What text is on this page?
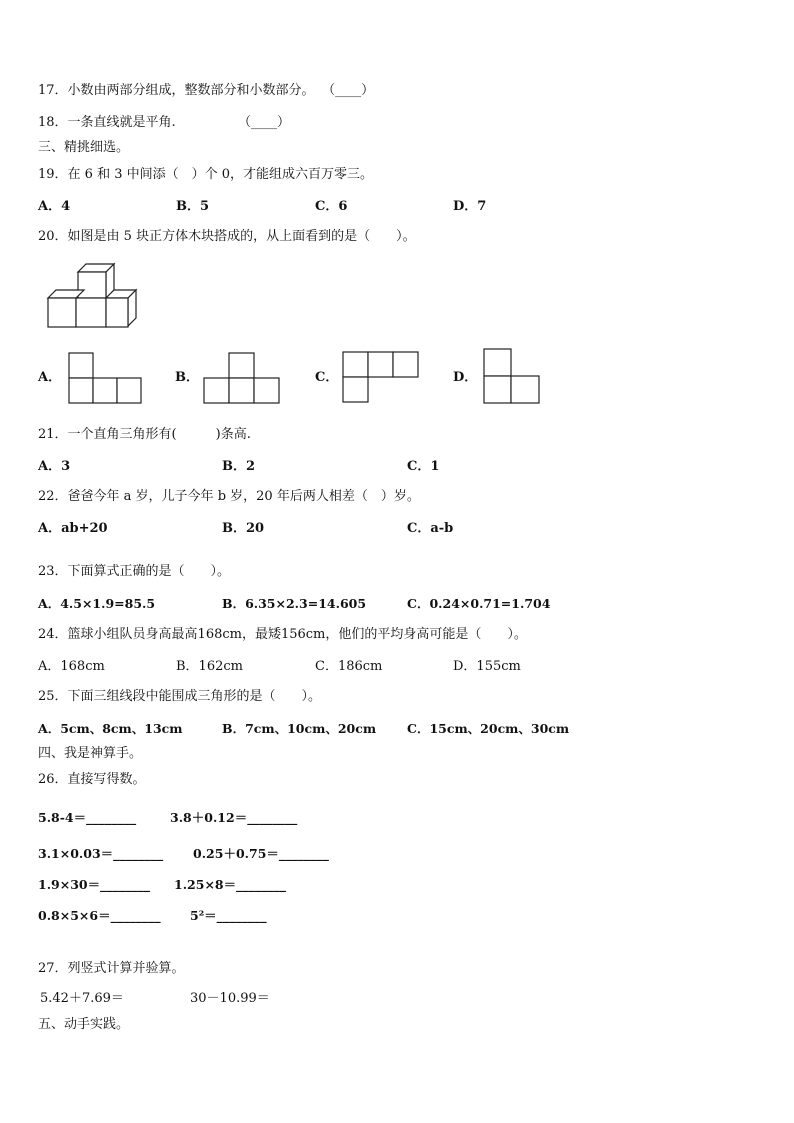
17．小数由两部分组成，整数部分和小数部分。 （____）
18．一条直线就是平角.	（____）
三、精挑细选。
19．在 6 和 3 中间添（　）个 0，才能组成六百万零三。
A．4	B．5	C．6	D．7
20．如图是由 5 块正方体木块搭成的，从上面看到的是（　　）。
A．	B．	C．	D．
21．一个直角三角形有(　　　)条高.
A．3	B．2	C．1
22．爸爸今年 a 岁，儿子今年 b 岁，20 年后两人相差（　）岁。
A．ab+20	B．20	C．a-b
23．下面算式正确的是（　　）。
A．4.5×1.9=85.5	B．6.35×2.3=14.605	C．0.24×0.71=1.704
24．篮球小组队员身高最高168cm，最矮156cm，他们的平均身高可能是（　　）。
A．168cm	B．162cm	C．186cm	D．155cm
25．下面三组线段中能围成三角形的是（　　）。
A．5cm、8cm、13cm	B．7cm、10cm、20cm C．15cm、20cm、30cm
四、我是神算手。
26．直接写得数。
5.8-4＝________	3.8＋0.12＝________
3.1×0.03＝________ 0.25＋0.75＝________
1.9×30＝________ 1.25×8＝________
0.8×5×6＝________ 5²＝________
27．列竖式计算并验算。
5.42＋7.69＝	30－10.99＝
五、动手实践。
